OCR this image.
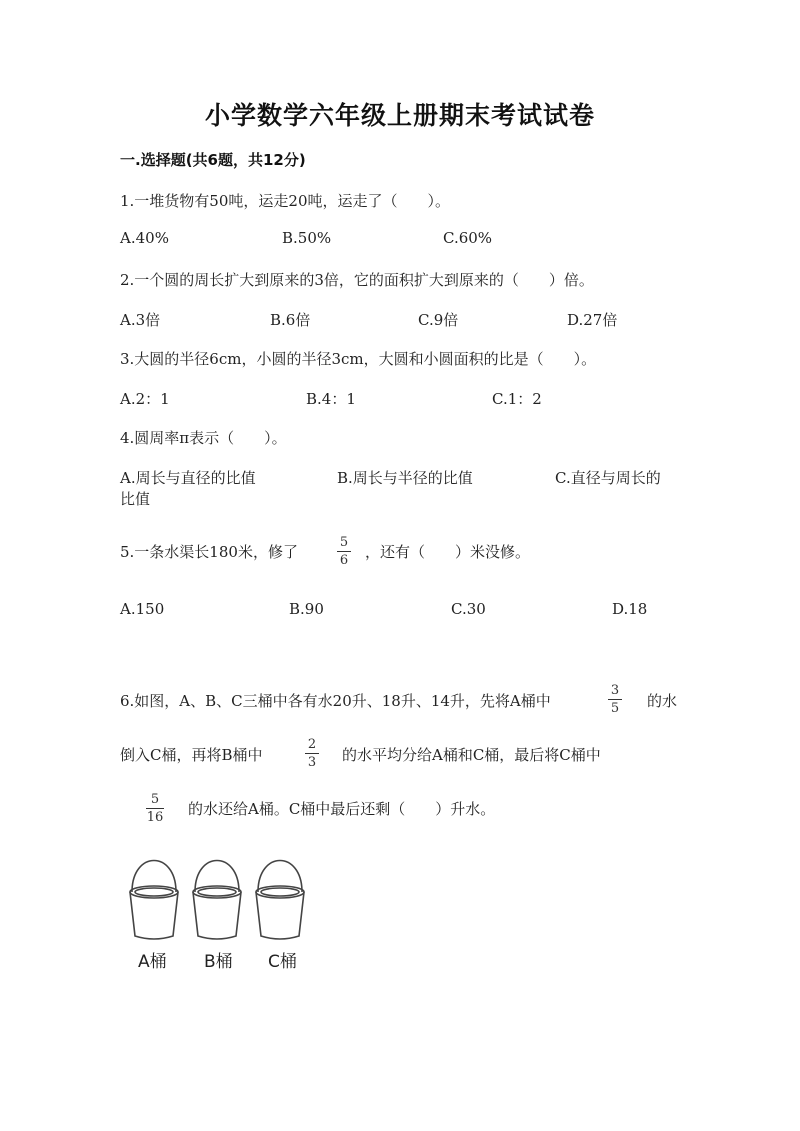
小学数学六年级上册期末考试试卷
一.选择题(共6题，共12分)
1.一堆货物有50吨，运走20吨，运走了（　　）。
A.40%	B.50%	C.60%
2.一个圆的周长扩大到原来的3倍，它的面积扩大到原来的（　　）倍。
A.3倍	B.6倍	C.9倍	D.27倍
3.大圆的半径6cm，小圆的半径3cm，大圆和小圆面积的比是（　　）。
A.2：1	B.4：1	C.1：2
4.圆周率π表示（　　）。
A.周长与直径的比值	B.周长与半径的比值	C.直径与周长的
比值
5.一条水渠长180米，修了
5
6 ，还有（　　）米没修。
A.150	B.90	C.30	D.18
6.如图，A、B、C三桶中各有水20升、18升、14升，先将A桶中
3
5 的水
倒入C桶，再将B桶中
2
3 的水平均分给A桶和C桶，最后将C桶中
5
16 的水还给A桶。C桶中最后还剩（　　）升水。
A桶 B桶 C桶
